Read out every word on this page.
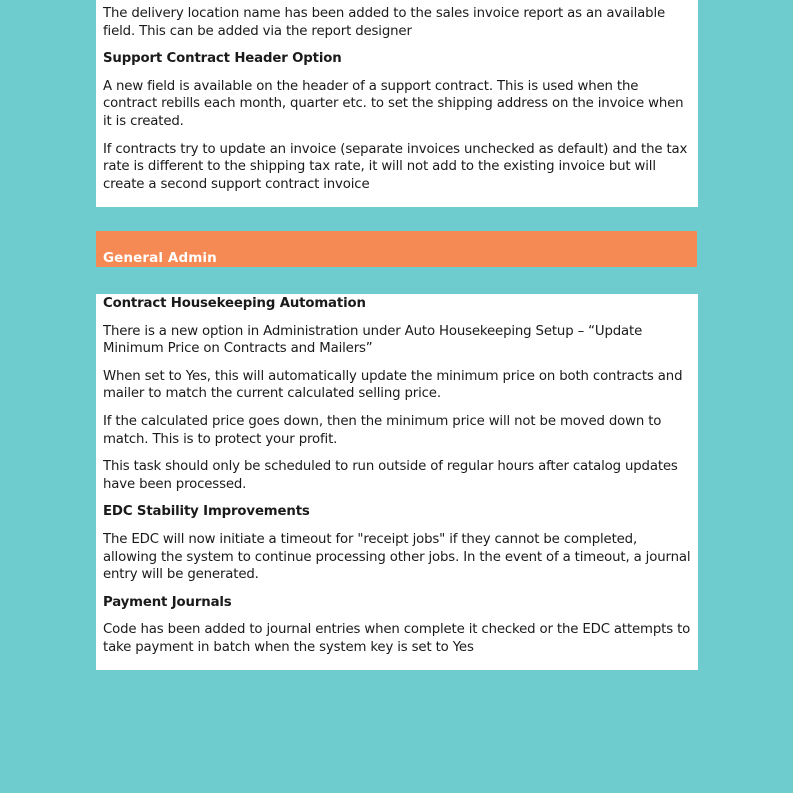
The delivery location name has been added to the sales invoice report as an available field. This can be added via the report designer

Support Contract Header Option

A new field is available on the header of a support contract. This is used when the contract rebills each month, quarter etc. to set the shipping address on the invoice when it is created.

If contracts try to update an invoice (separate invoices unchecked as default) and the tax rate is different to the shipping tax rate, it will not add to the existing invoice but will create a second support contract invoice

General Admin
Contract Housekeeping Automation

There is a new option in Administration under Auto Housekeeping Setup – “Update Minimum Price on Contracts and Mailers”

When set to Yes, this will automatically update the minimum price on both contracts and mailer to match the current calculated selling price.

If the calculated price goes down, then the minimum price will not be moved down to match. This is to protect your profit.

This task should only be scheduled to run outside of regular hours after catalog updates have been processed.

EDC Stability Improvements

The EDC will now initiate a timeout for "receipt jobs" if they cannot be completed, allowing the system to continue processing other jobs. In the event of a timeout, a journal entry will be generated.

Payment Journals

Code has been added to journal entries when complete it checked or the EDC attempts to take payment in batch when the system key is set to Yes
